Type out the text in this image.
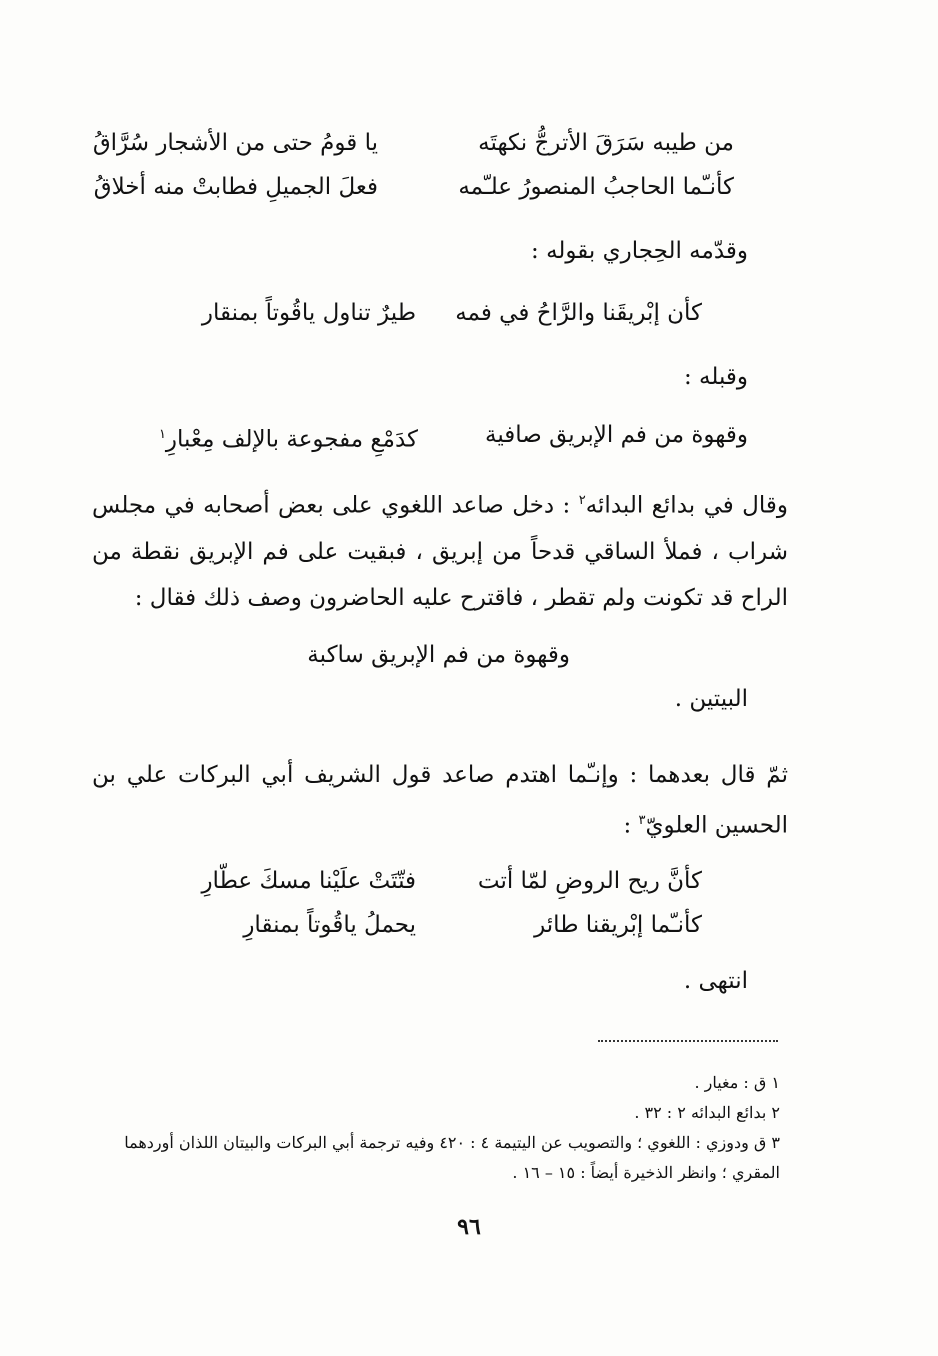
من طيبه سَرَقَ الأترجُّ نكهتَه
يا قومُ حتى من الأشجار سُرَّاقُ
كأنـّما الحاجبُ المنصورُ علـّمه
فعلَ الجميلِ فطابتْ منه أخلاقُ
وقدّمه الحِجاري بقوله :
كأن إبْريقَنا والرَّاحُ في فمه
طيرٌ تناول ياقُوتاً بمنقار
وقبله :
وقهوة من فم الإبريق صافية
كدَمْعِ مفجوعة بالإلف مِعْبارِ$^١$
وقال في بدائع البدائه$^٢$ : دخل صاعد اللغوي على بعض أصحابه في مجلس شراب ، فملأ الساقي قدحاً من إبريق ، فبقيت على فم الإبريق نقطة من الراح قد تكونت ولم تقطر ، فاقترح عليه الحاضرون وصف ذلك فقال :
وقهوة من فم الإبريق ساكبة
البيتين .
ثمّ قال بعدهما : وإنـّما اهتدم صاعد قول الشريف أبي البركات علي بن الحسين العلويّ$^٣$ :
كأنَّ ريح الروضِ لمّا أتت
فتّتَتْ علَيْنا مسكَ عطّارِ
كأنـّما إبْريقنا طائر
يحملُ ياقُوتاً بمنقارِ
انتهى .
١ ق : مغيار .
٢ بدائع البدائه ٢ : ٣٢ .
٣ ق ودوزي : اللغوي ؛ والتصويب عن اليتيمة ٤ : ٤٢٠ وفيه ترجمة أبي البركات والبيتان اللذان أوردهما المقري ؛ وانظر الذخيرة أيضاً : ١٥ – ١٦ .
٩٦
